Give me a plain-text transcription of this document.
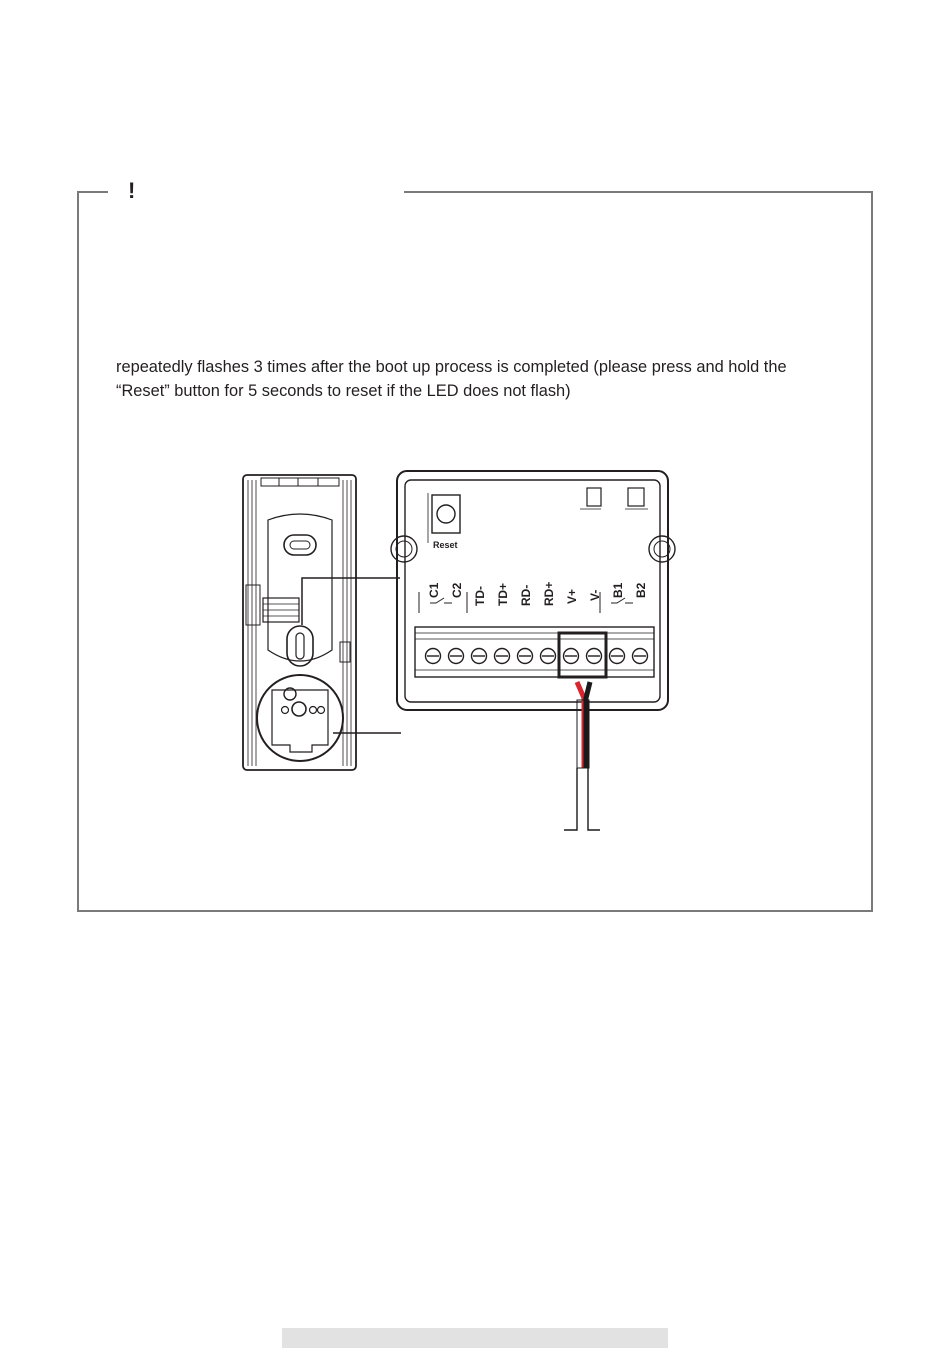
!
repeatedly flashes 3 times after the boot up process is completed (please press and hold the
“Reset” button for 5 seconds to reset if the LED does not flash)
C1 C2 TD- TD+ RD- RD+ V+ V- B1 B2
Reset
